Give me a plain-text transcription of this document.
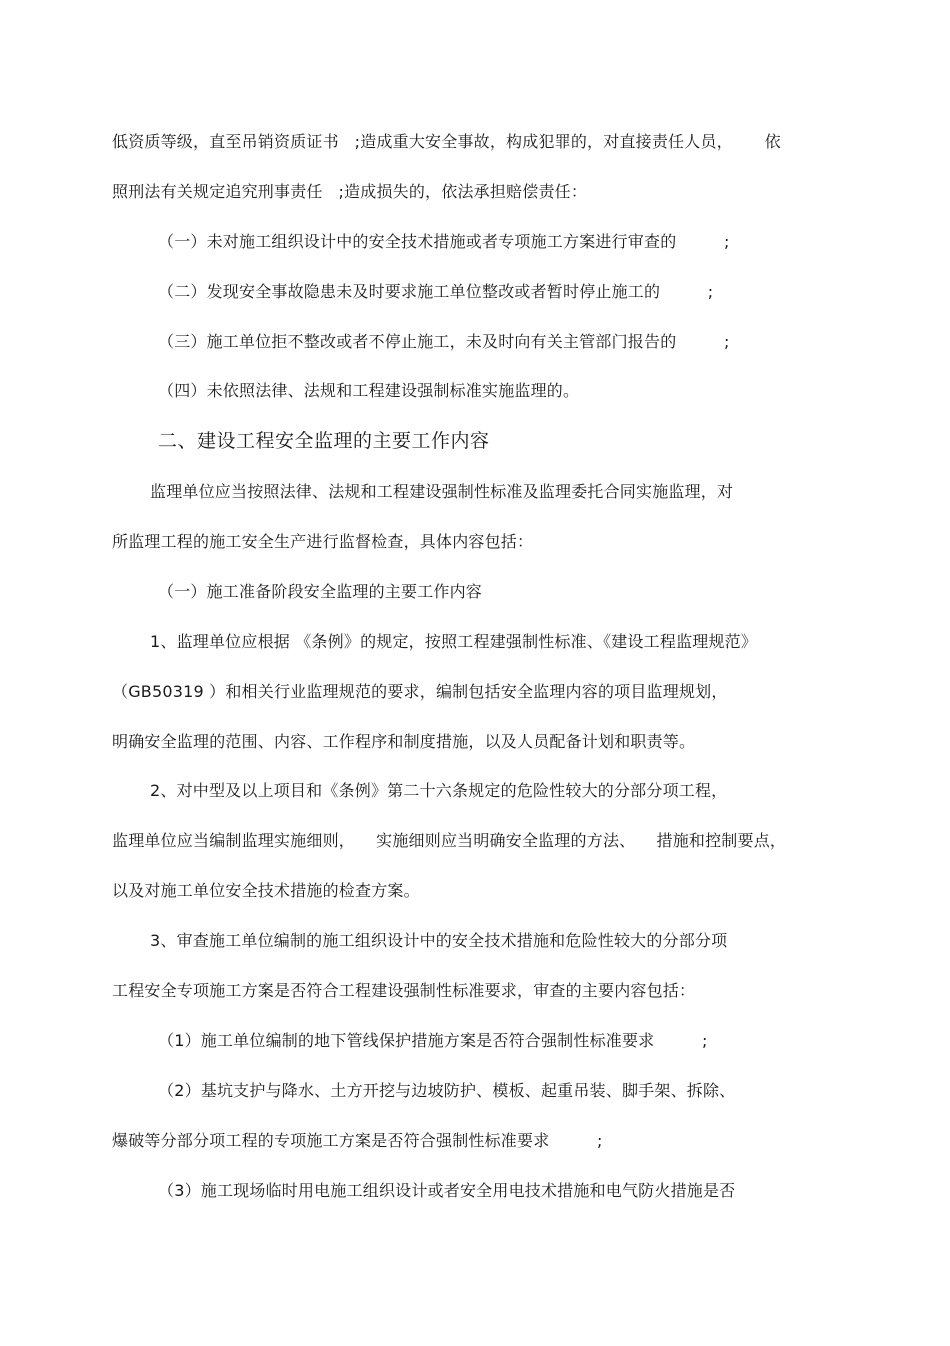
低资质等级，直至吊销资质证书   ;造成重大安全事故，构成犯罪的，对直接责任人员，      依
照刑法有关规定追究刑事责任   ;造成损失的，依法承担赔偿责任：
（一）未对施工组织设计中的安全技术措施或者专项施工方案进行审查的         ;
（二）发现安全事故隐患未及时要求施工单位整改或者暂时停止施工的         ;
（三）施工单位拒不整改或者不停止施工，未及时向有关主管部门报告的         ;
（四）未依照法律、法规和工程建设强制标准实施监理的。
二、建设工程安全监理的主要工作内容
监理单位应当按照法律、法规和工程建设强制性标准及监理委托合同实施监理，对
所监理工程的施工安全生产进行监督检查，具体内容包括：
（一）施工准备阶段安全监理的主要工作内容
1、监理单位应根据 《条例》的规定，按照工程建强制性标准、《建设工程监理规范》
（GB50319 ）和相关行业监理规范的要求，编制包括安全监理内容的项目监理规划，
明确安全监理的范围、内容、工作程序和制度措施，以及人员配备计划和职责等。
2、对中型及以上项目和《条例》第二十六条规定的危险性较大的分部分项工程，
监理单位应当编制监理实施细则，    实施细则应当明确安全监理的方法、    措施和控制要点，
以及对施工单位安全技术措施的检查方案。
3、审查施工单位编制的施工组织设计中的安全技术措施和危险性较大的分部分项
工程安全专项施工方案是否符合工程建设强制性标准要求，审查的主要内容包括：
（1）施工单位编制的地下管线保护措施方案是否符合强制性标准要求         ;
（2）基坑支护与降水、土方开挖与边坡防护、模板、起重吊装、脚手架、拆除、
爆破等分部分项工程的专项施工方案是否符合强制性标准要求         ;
（3）施工现场临时用电施工组织设计或者安全用电技术措施和电气防火措施是否
